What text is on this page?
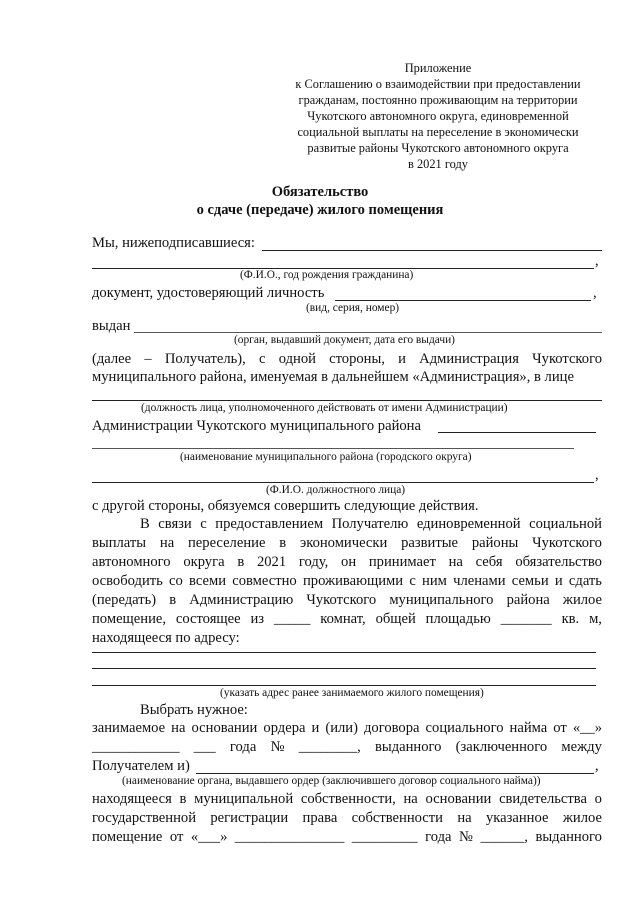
Приложение
к Соглашению о взаимодействии при предоставлении
гражданам, постоянно проживающим на территории
Чукотского автономного округа, единовременной
социальной выплаты на переселение в экономически
развитые районы Чукотского автономного округа
в 2021 году
Обязательство
о сдаче (передаче) жилого помещения
Мы, нижеподписавшиеся:
,
(Ф.И.О., год рождения гражданина)
документ, удостоверяющий личность	,
(вид, серия, номер)
выдан
(орган, выдавший документ, дата его выдачи)
(далее – Получатель), с одной стороны, и Администрация Чукотского
муниципального района, именуемая в дальнейшем «Администрация», в лице
(должность лица, уполномоченного действовать от имени Администрации)
Администрации Чукотского муниципального района
(наименование муниципального района (городского округа)
,
(Ф.И.О. должностного лица)
с другой стороны, обязуемся совершить следующие действия.
В связи с предоставлением Получателю единовременной социальной
выплаты на переселение в экономически развитые районы Чукотского
автономного округа в 2021 году, он принимает на себя обязательство
освободить со всеми совместно проживающими с ним членами семьи и сдать
(передать) в Администрацию Чукотского муниципального района жилое
помещение, состоящее из _____ комнат, общей площадью _______ кв. м,
находящееся по адресу:
(указать адрес ранее занимаемого жилого помещения)
Выбрать нужное:
занимаемое на основании ордера и (или) договора социального найма от «__»
____________ ___ года № ________, выданного (заключенного между
Получателем и)	,
(наименование органа, выдавшего ордер (заключившего договор социального найма))
находящееся в муниципальной собственности, на основании свидетельства о
государственной регистрации права собственности на указанное жилое
помещение от «___» _______________ _________ года № ______, выданного
